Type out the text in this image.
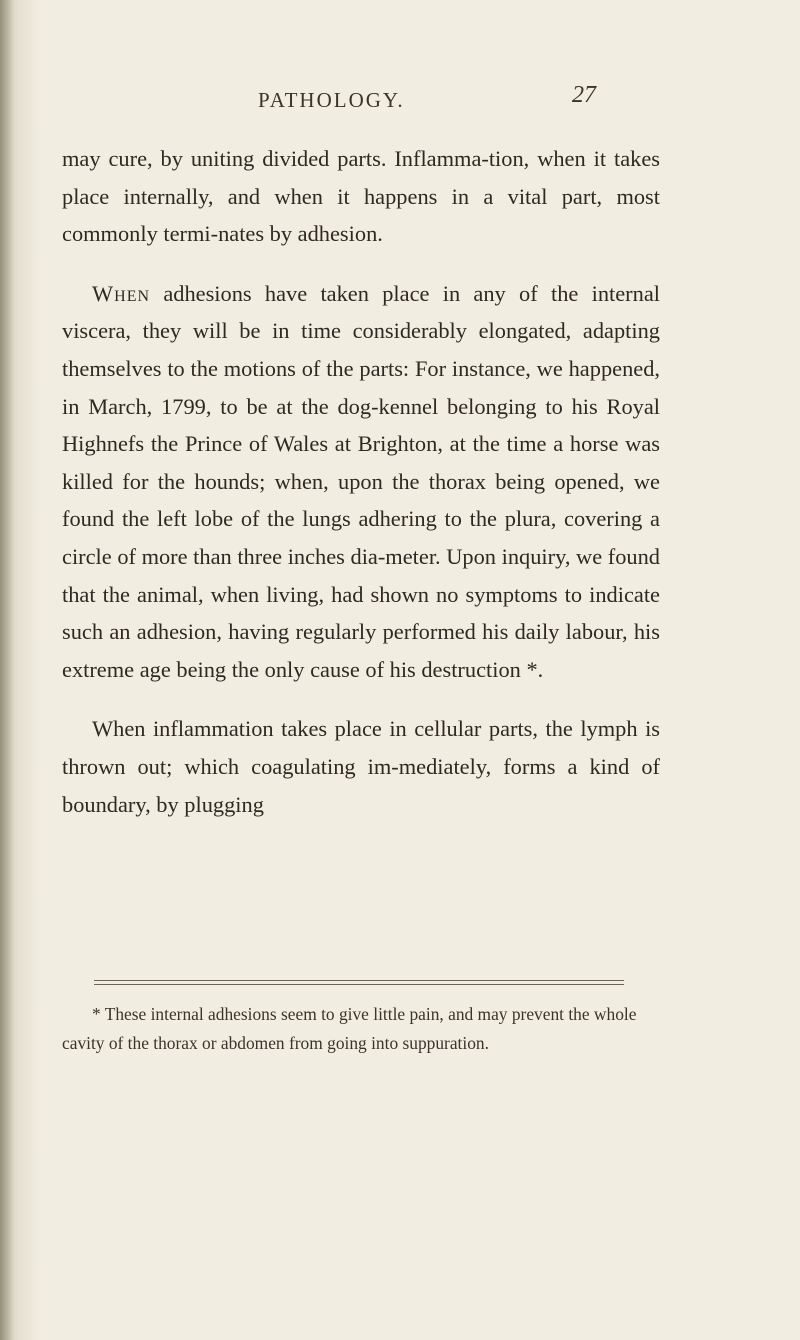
PATHOLOGY.	27

may cure, by uniting divided parts. Inflamma-tion, when it takes place internally, and when it happens in a vital part, most commonly termi-nates by adhesion.

When adhesions have taken place in any of the internal viscera, they will be in time considerably elongated, adapting themselves to the motions of the parts: For instance, we happened, in March, 1799, to be at the dog-kennel belonging to his Royal Highnefs the Prince of Wales at Brighton, at the time a horse was killed for the hounds; when, upon the thorax being opened, we found the left lobe of the lungs adhering to the plura, covering a circle of more than three inches dia-meter. Upon inquiry, we found that the animal, when living, had shown no symptoms to indicate such an adhesion, having regularly performed his daily labour, his extreme age being the only cause of his destruction *.

When inflammation takes place in cellular parts, the lymph is thrown out; which coagulating im-mediately, forms a kind of boundary, by plugging

* These internal adhesions seem to give little pain, and may prevent the whole cavity of the thorax or abdomen from going into suppuration.
